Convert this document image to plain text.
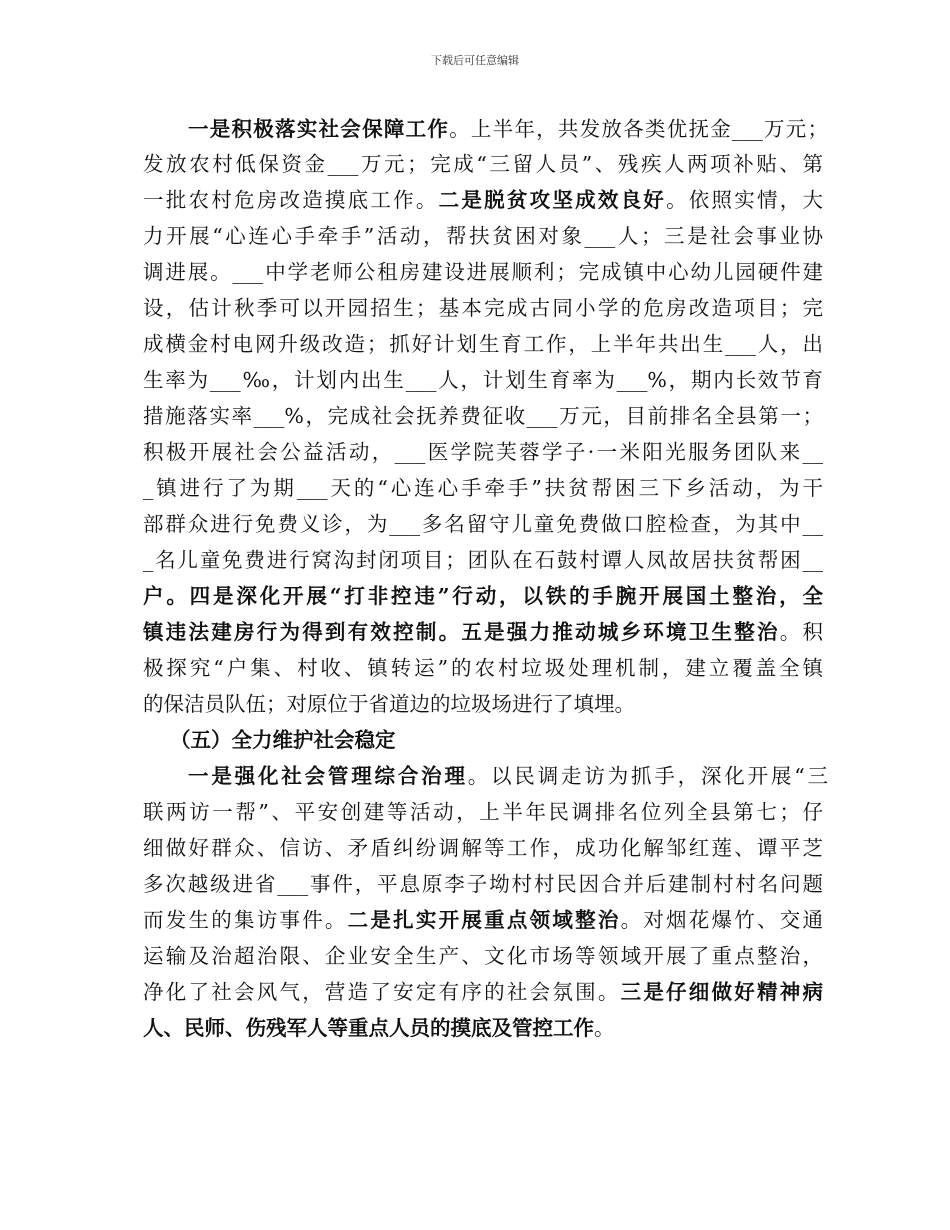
下载后可任意编辑
一是积极落实社会保障工作。上半年，共发放各类优抚金___万元；
发放农村低保资金___万元；完成“三留人员”、残疾人两项补贴、第
一批农村危房改造摸底工作。二是脱贫攻坚成效良好。依照实情，大
力开展“心连心手牵手”活动，帮扶贫困对象___人；三是社会事业协
调进展。___中学老师公租房建设进展顺利；完成镇中心幼儿园硬件建
设，估计秋季可以开园招生；基本完成古同小学的危房改造项目；完
成横金村电网升级改造；抓好计划生育工作，上半年共出生___人，出
生率为___‰，计划内出生___人，计划生育率为___%，期内长效节育
措施落实率___%，完成社会抚养费征收___万元，目前排名全县第一；
积极开展社会公益活动，___医学院芙蓉学子·一米阳光服务团队来__
_镇进行了为期___天的“心连心手牵手”扶贫帮困三下乡活动，为干
部群众进行免费义诊，为___多名留守儿童免费做口腔检查，为其中__
_名儿童免费进行窝沟封闭项目；团队在石鼓村谭人凤故居扶贫帮困__
户。四是深化开展“打非控违”行动，以铁的手腕开展国土整治，全
镇违法建房行为得到有效控制。五是强力推动城乡环境卫生整治。积
极探究“户集、村收、镇转运”的农村垃圾处理机制，建立覆盖全镇
的保洁员队伍；对原位于省道边的垃圾场进行了填埋。
（五）全力维护社会稳定
一是强化社会管理综合治理。以民调走访为抓手，深化开展“三
联两访一帮”、平安创建等活动，上半年民调排名位列全县第七；仔
细做好群众、信访、矛盾纠纷调解等工作，成功化解邹红莲、谭平芝
多次越级进省___事件，平息原李子坳村村民因合并后建制村村名问题
而发生的集访事件。二是扎实开展重点领域整治。对烟花爆竹、交通
运输及治超治限、企业安全生产、文化市场等领域开展了重点整治，
净化了社会风气，营造了安定有序的社会氛围。三是仔细做好精神病
人、民师、伤残军人等重点人员的摸底及管控工作。
